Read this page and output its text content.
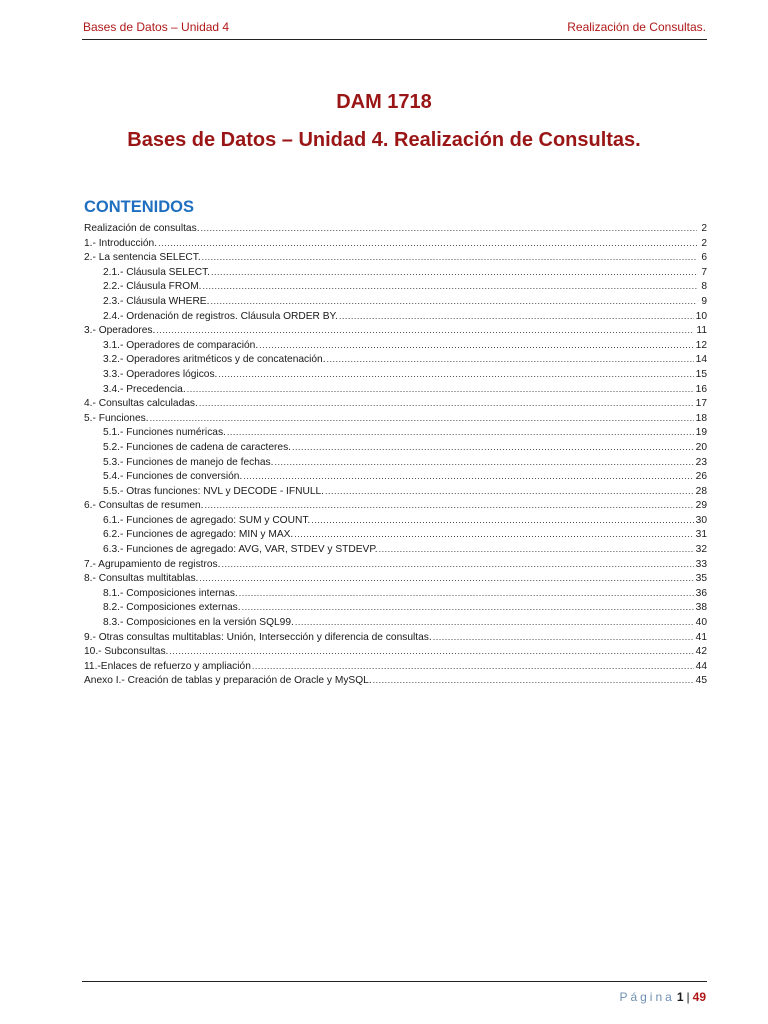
Bases de Datos – Unidad 4	Realización de Consultas.
DAM 1718
Bases de Datos – Unidad 4. Realización de Consultas.
CONTENIDOS
Realización de consultas. .....	2
1.- Introducción. .....	2
2.- La sentencia SELECT. .....	6
2.1.- Cláusula SELECT. .....	7
2.2.- Cláusula FROM. .....	8
2.3.- Cláusula WHERE. .....	9
2.4.- Ordenación de registros. Cláusula ORDER BY. .....	10
3.- Operadores. .....	11
3.1.- Operadores de comparación. .....	12
3.2.- Operadores aritméticos y de concatenación. .....	14
3.3.- Operadores lógicos. .....	15
3.4.- Precedencia. .....	16
4.- Consultas calculadas. .....	17
5.- Funciones. .....	18
5.1.- Funciones numéricas. .....	19
5.2.- Funciones de cadena de caracteres. .....	20
5.3.- Funciones de manejo de fechas. .....	23
5.4.- Funciones de conversión. .....	26
5.5.- Otras funciones: NVL y DECODE - IFNULL. .....	28
6.- Consultas de resumen. .....	29
6.1.- Funciones de agregado: SUM y COUNT. .....	30
6.2.- Funciones de agregado: MIN y MAX. .....	31
6.3.- Funciones de agregado: AVG, VAR, STDEV y STDEVP. .....	32
7.- Agrupamiento de registros. .....	33
8.- Consultas multitablas. .....	35
8.1.- Composiciones internas. .....	36
8.2.- Composiciones externas. .....	38
8.3.- Composiciones en la versión SQL99. .....	40
9.- Otras consultas multitablas: Unión, Intersección y diferencia de consultas. .....	41
10.- Subconsultas. .....	42
11.-Enlaces de refuerzo y ampliación .....	44
Anexo I.- Creación de tablas y preparación de Oracle y MySQL. .....	45
Página 1 | 49
